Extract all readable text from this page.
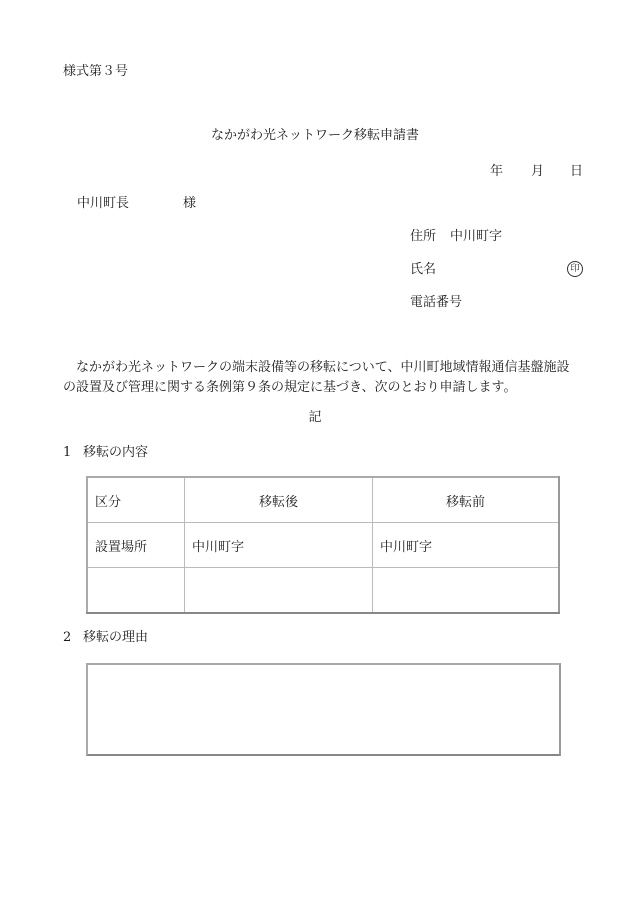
様式第３号
なかがわ光ネットワーク移転申請書
年 月 日
中川町長	様
住所 中川町字
氏名	印
電話番号

　なかがわ光ネットワークの端末設備等の移転について、中川町地域情報通信基盤施設

の設置及び管理に関する条例第９条の規定に基づき、次のとおり申請します。

記
1 移転の内容
区分	移転後	移転前
設置場所	中川町字	中川町字

2 移転の理由
